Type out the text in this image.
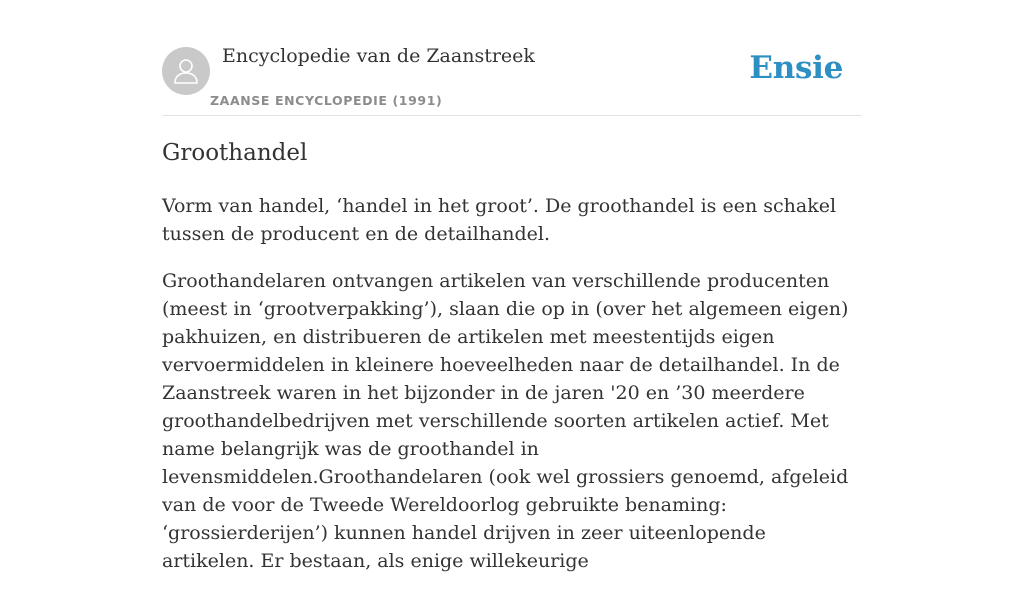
Encyclopedie van de Zaanstreek
ZAANSE ENCYCLOPEDIE (1991)
Ensie
Groothandel

Vorm van handel, ‘handel in het groot’. De groothandel is een schakel tussen de producent en de detailhandel.

Groothandelaren ontvangen artikelen van verschillende producenten (meest in ‘grootverpakking’), slaan die op in (over het algemeen eigen) pakhuizen, en distribueren de artikelen met meestentijds eigen vervoermiddelen in kleinere hoeveelheden naar de detailhandel. In de Zaanstreek waren in het bijzonder in de jaren '20 en ’30 meerdere groothandelbedrijven met verschillende soorten artikelen actief. Met name belangrijk was de groothandel in levensmiddelen.Groothandelaren (ook wel grossiers genoemd, afgeleid van de voor de Tweede Wereldoorlog gebruikte benaming: ‘grossierderijen’) kunnen handel drijven in zeer uiteenlopende artikelen. Er bestaan, als enige willekeurige
